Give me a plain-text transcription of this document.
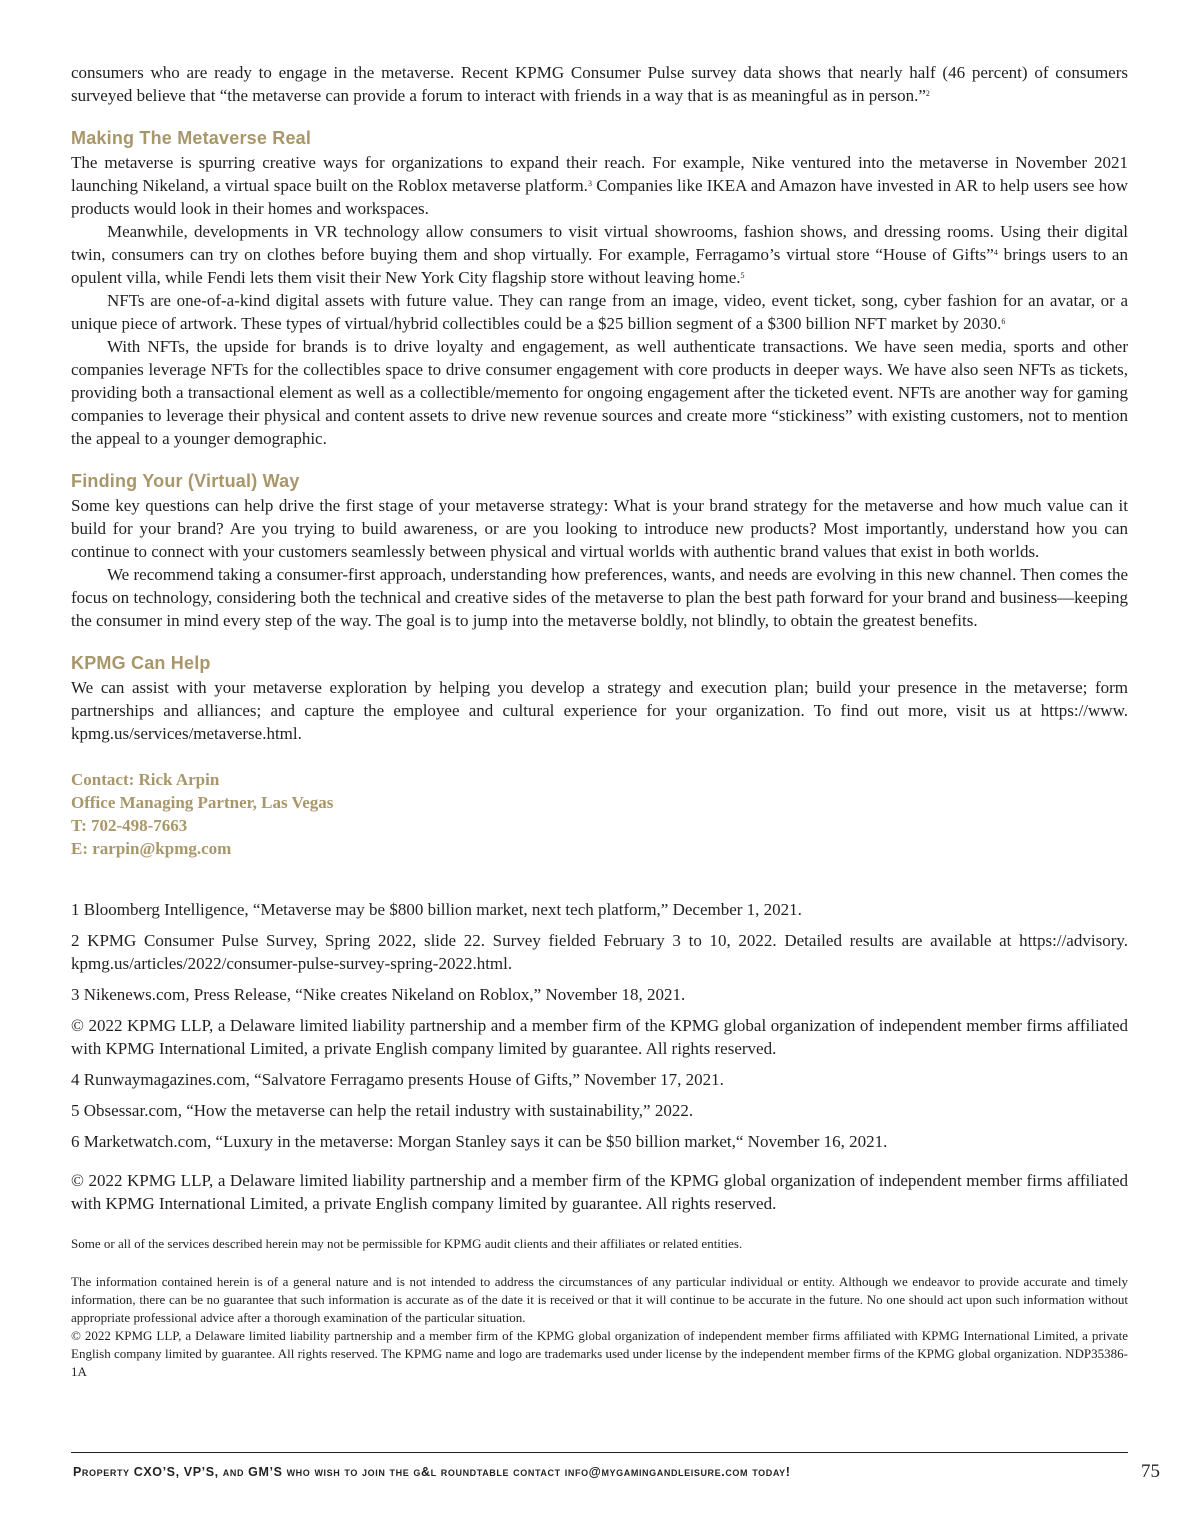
consumers who are ready to engage in the metaverse. Recent KPMG Consumer Pulse survey data shows that nearly half (46 percent) of consumers surveyed believe that “the metaverse can provide a forum to interact with friends in a way that is as meaningful as in person.”$^2$

Making The Metaverse Real

The metaverse is spurring creative ways for organizations to expand their reach. For example, Nike ventured into the metaverse in November 2021 launching Nikeland, a virtual space built on the Roblox metaverse platform.$^3$ Companies like IKEA and Amazon have invested in AR to help users see how products would look in their homes and workspaces.

Meanwhile, developments in VR technology allow consumers to visit virtual showrooms, fashion shows, and dressing rooms. Using their digital twin, consumers can try on clothes before buying them and shop virtually. For example, Ferragamo’s virtual store “House of Gifts”$^4$ brings users to an opulent villa, while Fendi lets them visit their New York City flagship store without leaving home.$^5$

NFTs are one-of-a-kind digital assets with future value. They can range from an image, video, event ticket, song, cyber fashion for an avatar, or a unique piece of artwork. These types of virtual/hybrid collectibles could be a $25 billion segment of a $300 billion NFT market by 2030.$^6$

With NFTs, the upside for brands is to drive loyalty and engagement, as well authenticate transactions. We have seen media, sports and other companies leverage NFTs for the collectibles space to drive consumer engagement with core products in deeper ways. We have also seen NFTs as tickets, providing both a transactional element as well as a collectible/memento for ongoing engagement after the ticketed event. NFTs are another way for gaming companies to leverage their physical and content assets to drive new revenue sources and create more “stickiness” with existing customers, not to mention the appeal to a younger demographic.

Finding Your (Virtual) Way

Some key questions can help drive the first stage of your metaverse strategy: What is your brand strategy for the metaverse and how much value can it build for your brand? Are you trying to build awareness, or are you looking to introduce new products? Most importantly, understand how you can continue to connect with your customers seamlessly between physical and virtual worlds with authentic brand values that exist in both worlds.

We recommend taking a consumer-first approach, understanding how preferences, wants, and needs are evolving in this new channel. Then comes the focus on technology, considering both the technical and creative sides of the metaverse to plan the best path forward for your brand and business—keeping the consumer in mind every step of the way. The goal is to jump into the metaverse boldly, not blindly, to obtain the greatest benefits.

KPMG Can Help

We can assist with your metaverse exploration by helping you develop a strategy and execution plan; build your presence in the metaverse; form partnerships and alliances; and capture the employee and cultural experience for your organization. To find out more, visit us at https://www. kpmg.us/services/metaverse.html.

Contact: Rick Arpin
Office Managing Partner, Las Vegas
T: 702-498-7663
E: rarpin@kpmg.com

1 Bloomberg Intelligence, “Metaverse may be $800 billion market, next tech platform,” December 1, 2021.

2 KPMG Consumer Pulse Survey, Spring 2022, slide 22. Survey fielded February 3 to 10, 2022. Detailed results are available at https://advisory. kpmg.us/articles/2022/consumer-pulse-survey-spring-2022.html.

3 Nikenews.com, Press Release, “Nike creates Nikeland on Roblox,” November 18, 2021.

© 2022 KPMG LLP, a Delaware limited liability partnership and a member firm of the KPMG global organization of independent member firms affiliated with KPMG International Limited, a private English company limited by guarantee. All rights reserved.

4 Runwaymagazines.com, “Salvatore Ferragamo presents House of Gifts,” November 17, 2021.

5 Obsessar.com, “How the metaverse can help the retail industry with sustainability,” 2022.

6 Marketwatch.com, “Luxury in the metaverse: Morgan Stanley says it can be $50 billion market,“ November 16, 2021.

© 2022 KPMG LLP, a Delaware limited liability partnership and a member firm of the KPMG global organization of independent member firms affiliated with KPMG International Limited, a private English company limited by guarantee. All rights reserved.

Some or all of the services described herein may not be permissible for KPMG audit clients and their affiliates or related entities.

The information contained herein is of a general nature and is not intended to address the circumstances of any particular individual or entity. Although we endeavor to provide accurate and timely information, there can be no guarantee that such information is accurate as of the date it is received or that it will continue to be accurate in the future. No one should act upon such information without appropriate professional advice after a thorough examination of the particular situation.

© 2022 KPMG LLP, a Delaware limited liability partnership and a member firm of the KPMG global organization of independent member firms affiliated with KPMG International Limited, a private English company limited by guarantee. All rights reserved. The KPMG name and logo are trademarks used under license by the independent member firms of the KPMG global organization. NDP35386-1A

Property CXO’S, VP’S, and GM’S who wish to join the g&l roundtable contact info@mygamingandleisure.com today!	75
